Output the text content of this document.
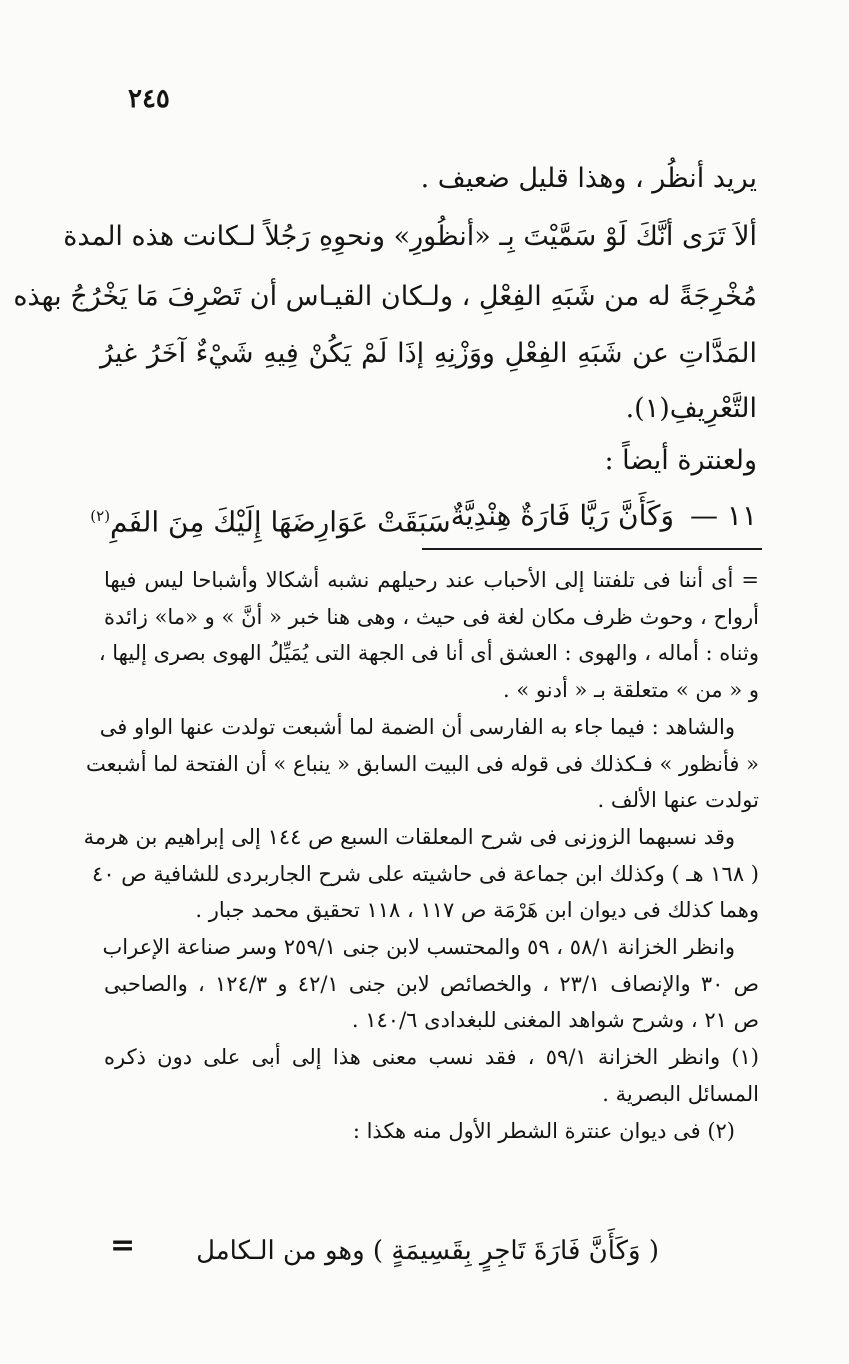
٢٤٥
يريد أنظُر ، وهذا قليل ضعيف .
ألاَ تَرَى أنَّكَ لَوْ سَمَّيْتَ بِـ «أنظُورِ» ونحوِهِ رَجُلاً لـكانت هذه المدة
مُخْرِجَةً له من شَبَهِ الفِعْلِ ، ولـكان القيـاس أن تَصْرِفَ مَا يَخْرُجُ بهذه
المَدَّاتِ عن شَبَهِ الفِعْلِ ووَزْنِهِ إذَا لَمْ يَكُنْ فِيهِ شَيْءٌ آخَرُ غيرُ
التَّعْرِيفِ(١).
ولعنترة أيضاً :
١١ —
وَكَأَنَّ رَيَّا فَارَةٌ هِنْدِيَّةٌ
سَبَقَتْ عَوَارِضَهَا إِلَيْكَ مِنَ الفَمِ$^{(٢)}$
= أى أننا فى تلفتنا إلى الأحباب عند رحيلهم نشبه أشكالا وأشباحا ليس فيها
أرواح ، وحوث ظرف مكان لغة فى حيث ، وهى هنا خبر « أنَّ » و «ما» زائدة
وثناه : أماله ، والهوى : العشق أى أنا فى الجهة التى يُمَيِّلُ الهوى بصرى إليها ،
و « من » متعلقة بـ « أدنو » .
والشاهد : فيما جاء به الفارسى أن الضمة لما أشبعت تولدت عنها الواو فى
« فأنظور » فـكذلك فى قوله فى البيت السابق « ينباع » أن الفتحة لما أشبعت
تولدت عنها الألف .
وقد نسبهما الزوزنى فى شرح المعلقات السبع ص ١٤٤ إلى إبراهيم بن هرمة
( ١٦٨ هـ ) وكذلك ابن جماعة فى حاشيته على شرح الجاربردى للشافية ص ٤٠
وهما كذلك فى ديوان ابن هَرْمَة ص ١١٧ ، ١١٨ تحقيق محمد جبار .
وانظر الخزانة ٥٨/١ ، ٥٩ والمحتسب لابن جنى ٢٥٩/١ وسر صناعة الإعراب
ص ٣٠ والإنصاف ٢٣/١ ، والخصائص لابن جنى ٤٢/١ و ١٢٤/٣ ، والصاحبى
ص ٢١ ، وشرح شواهد المغنى للبغدادى ١٤٠/٦ .
(١) وانظر الخزانة ٥٩/١ ، فقد نسب معنى هذا إلى أبى على دون ذكره
المسائل البصرية .
(٢) فى ديوان عنترة الشطر الأول منه هكذا :
( وَكَأَنَّ فَارَةَ تَاجِرٍ بِقَسِيمَةٍ ) وهو من الـكامل
=
